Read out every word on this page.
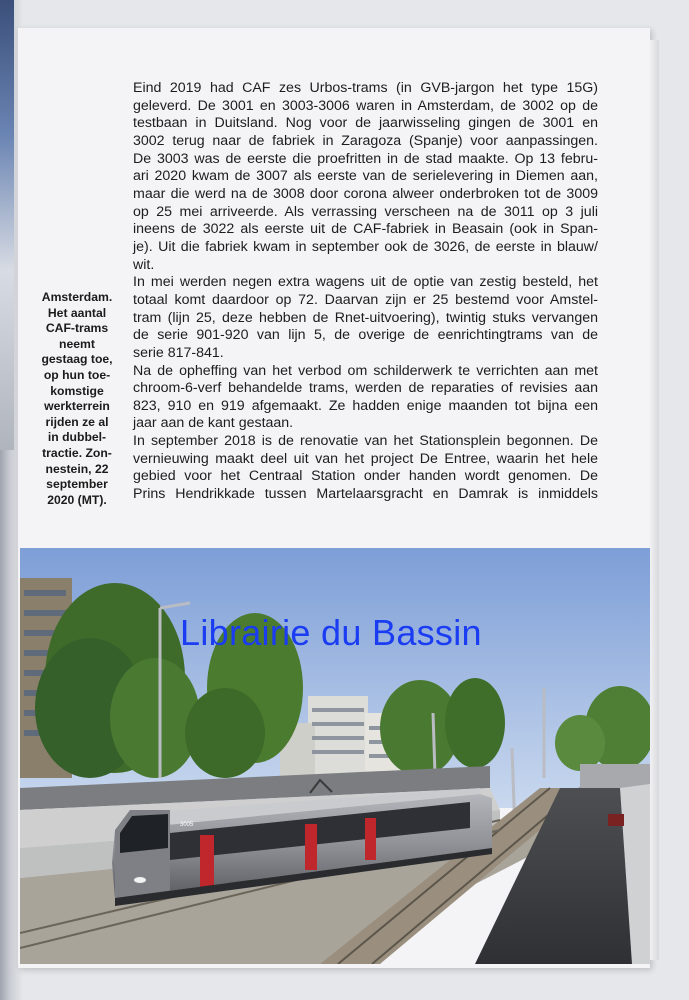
Amsterdam.
Het aantal
CAF-trams
neemt
gestaag toe,
op hun toe-
komstige
werkterrein
rijden ze al
in dubbel-
tractie. Zon-
nestein, 22
september
2020 (MT).
Eind 2019 had CAF zes Urbos-trams (in GVB-jargon het type 15G)
geleverd. De 3001 en 3003-3006 waren in Amsterdam, de 3002 op de
testbaan in Duitsland. Nog voor de jaarwisseling gingen de 3001 en
3002 terug naar de fabriek in Zaragoza (Spanje) voor aanpassingen.
De 3003 was de eerste die proefritten in de stad maakte. Op 13 febru-
ari 2020 kwam de 3007 als eerste van de serielevering in Diemen aan,
maar die werd na de 3008 door corona alweer onderbroken tot de 3009
op 25 mei arriveerde. Als verrassing verscheen na de 3011 op 3 juli
ineens de 3022 als eerste uit de CAF-fabriek in Beasain (ook in Span-
je). Uit die fabriek kwam in september ook de 3026, de eerste in blauw/
wit.
In mei werden negen extra wagens uit de optie van zestig besteld, het
totaal komt daardoor op 72. Daarvan zijn er 25 bestemd voor Amstel-
tram (lijn 25, deze hebben de Rnet-uitvoering), twintig stuks vervangen
de serie 901-920 van lijn 5, de overige de eenrichtingtrams van de
serie 817-841.
Na de opheffing van het verbod om schilderwerk te verrichten aan met
chroom-6-verf behandelde trams, werden de reparaties of revisies aan
823, 910 en 919 afgemaakt. Ze hadden enige maanden tot bijna een
jaar aan de kant gestaan.
In september 2018 is de renovatie van het Stationsplein begonnen. De
vernieuwing maakt deel uit van het project De Entree, waarin het hele
gebied voor het Centraal Station onder handen wordt genomen. De
Prins Hendrikkade tussen Martelaarsgracht en Damrak is inmiddels
3005
Librairie du Bassin
